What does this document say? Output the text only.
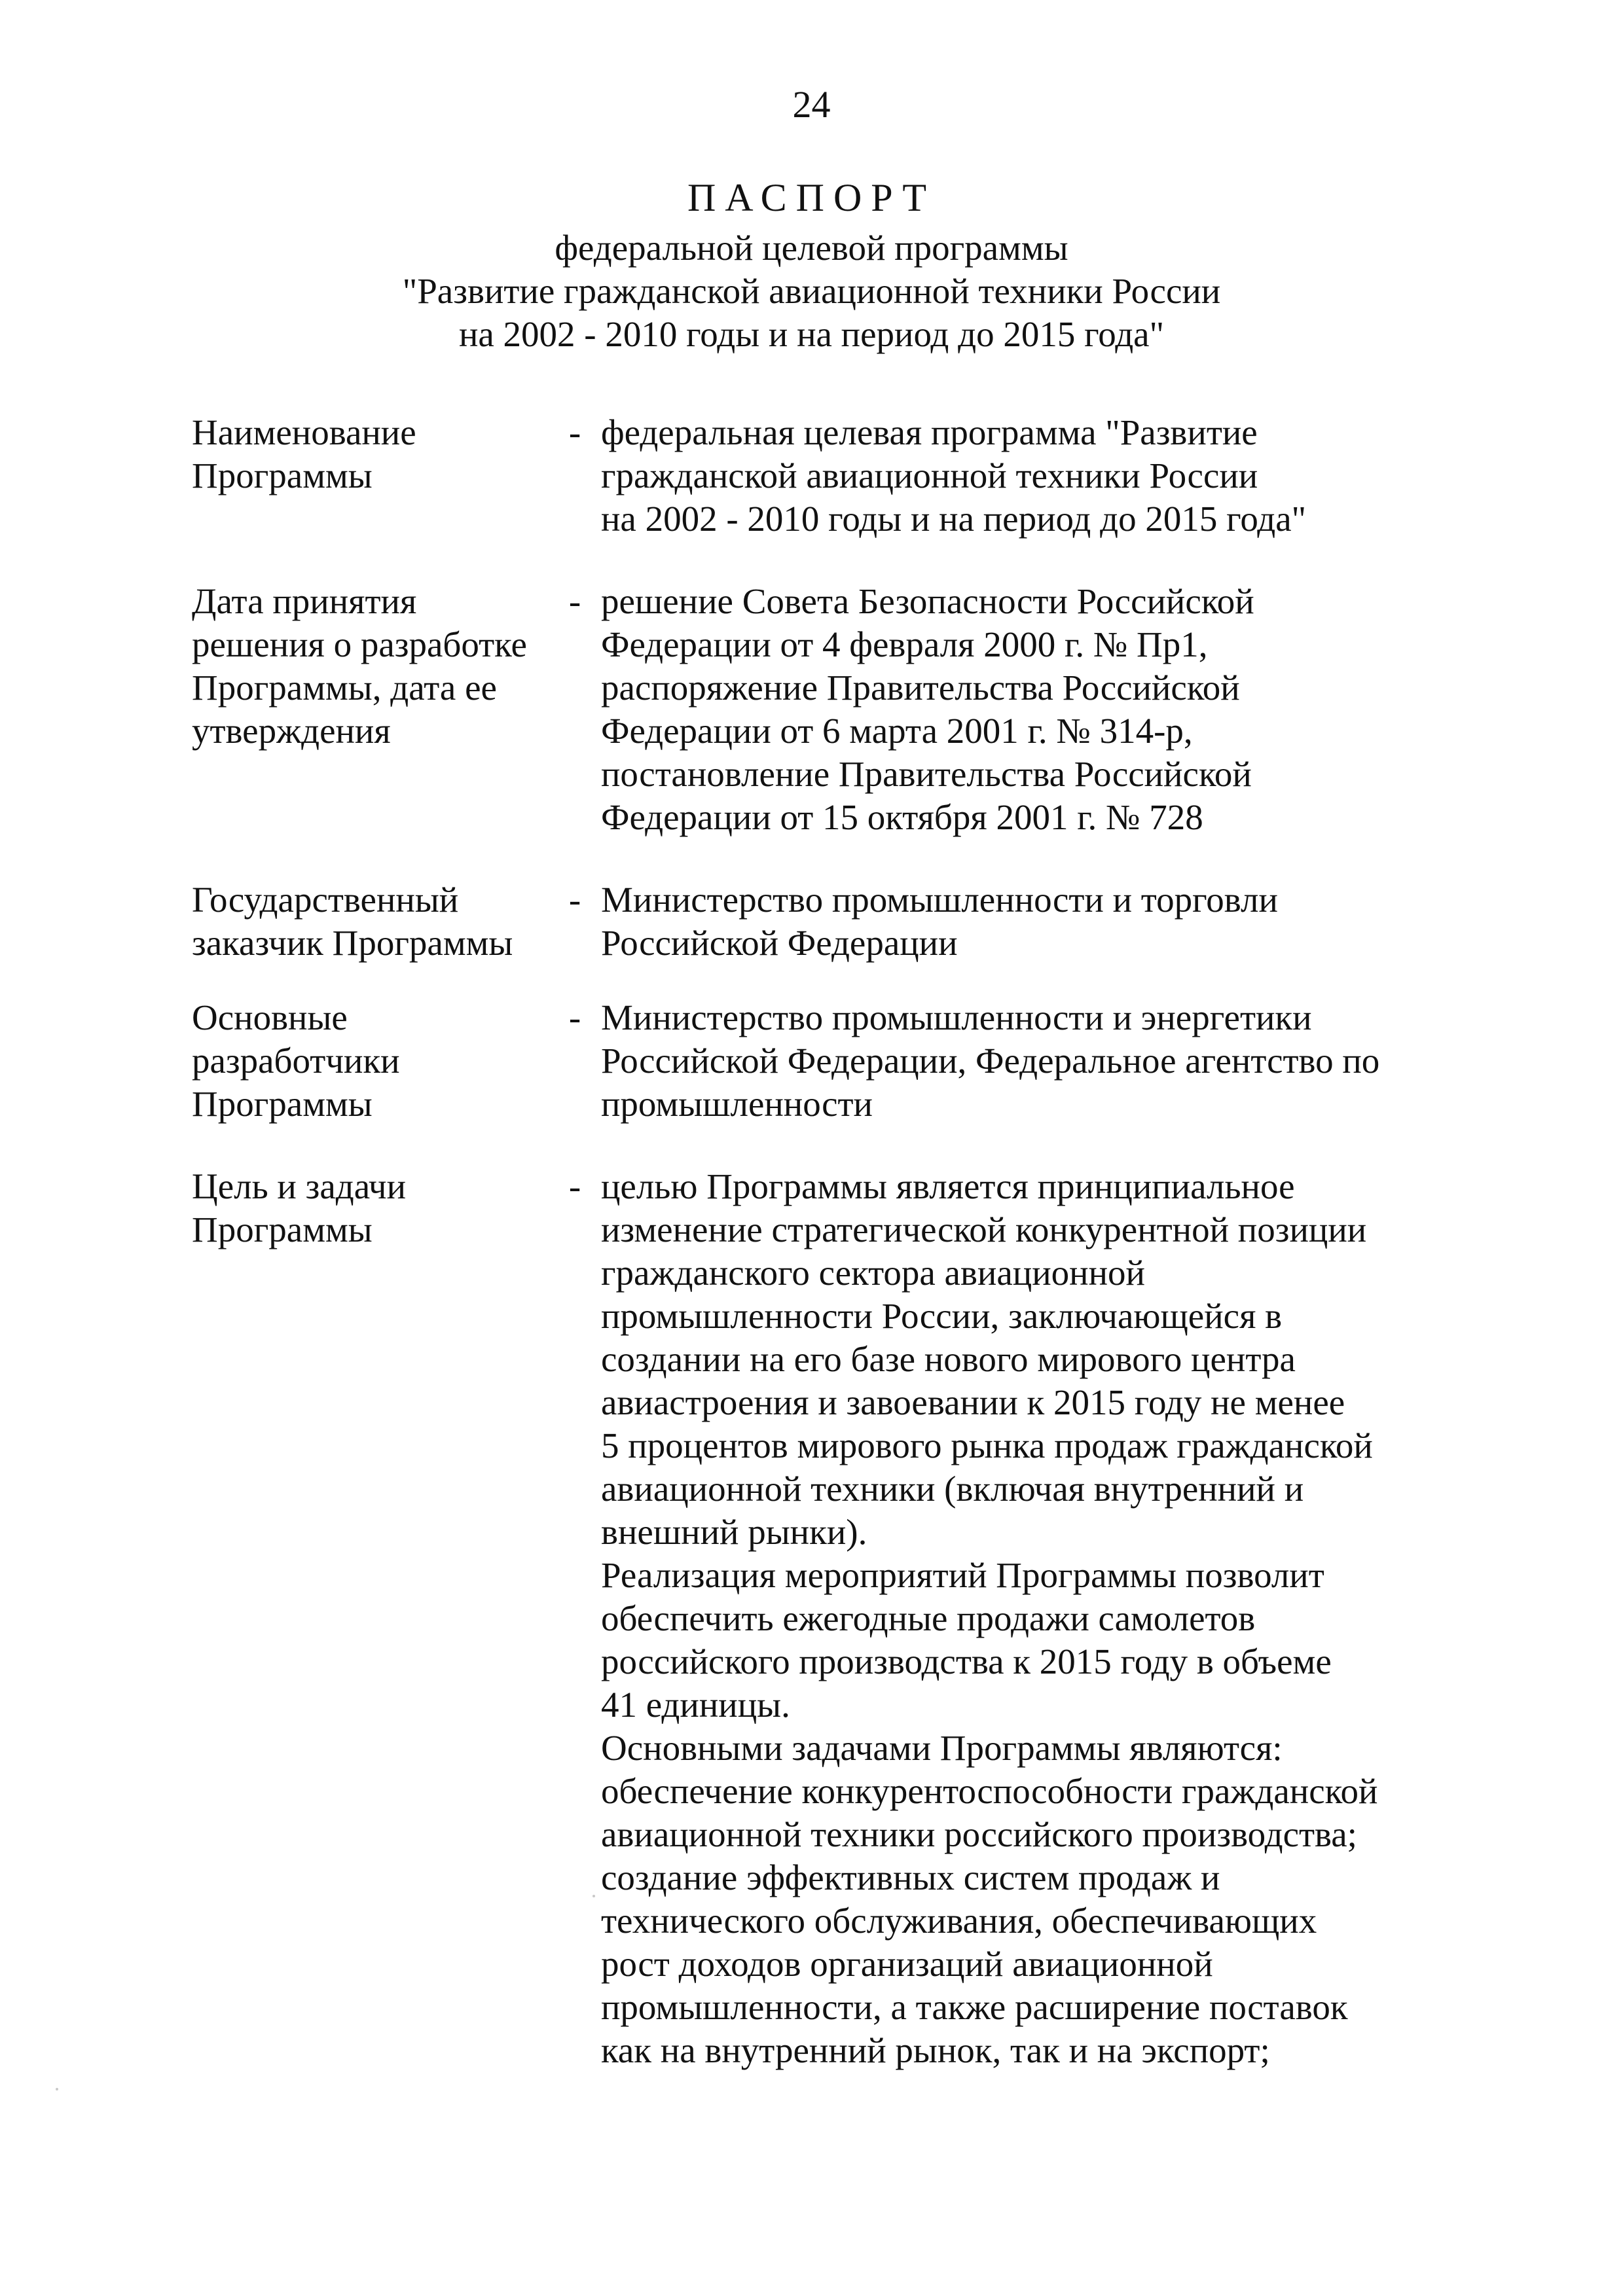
24
ПАСПОРТ
федеральной целевой программы
"Развитие гражданской авиационной техники России
на 2002 - 2010 годы и на период до 2015 года"
Наименование
Программы
- федеральная целевая программа "Развитие
гражданской авиационной техники России
на 2002 - 2010 годы и на период до 2015 года"
Дата принятия
решения о разработке
Программы, дата ее
утверждения
- решение Совета Безопасности Российской
Федерации от 4 февраля 2000 г. № Пр1,
распоряжение Правительства Российской
Федерации от 6 марта 2001 г. № 314-р,
постановление Правительства Российской
Федерации от 15 октября 2001 г. № 728
Государственный
заказчик Программы
- Министерство промышленности и торговли
Российской Федерации
Основные
разработчики
Программы
- Министерство промышленности и энергетики
Российской Федерации, Федеральное агентство по
промышленности
Цель и задачи
Программы
- целью Программы является принципиальное
изменение стратегической конкурентной позиции
гражданского сектора авиационной
промышленности России, заключающейся в
создании на его базе нового мирового центра
авиастроения и завоевании к 2015 году не менее
5 процентов мирового рынка продаж гражданской
авиационной техники (включая внутренний и
внешний рынки).
Реализация мероприятий Программы позволит
обеспечить ежегодные продажи самолетов
российского производства к 2015 году в объеме
41 единицы.
Основными задачами Программы являются:
обеспечение конкурентоспособности гражданской
авиационной техники российского производства;
создание эффективных систем продаж и
технического обслуживания, обеспечивающих
рост доходов организаций авиационной
промышленности, а также расширение поставок
как на внутренний рынок, так и на экспорт;
